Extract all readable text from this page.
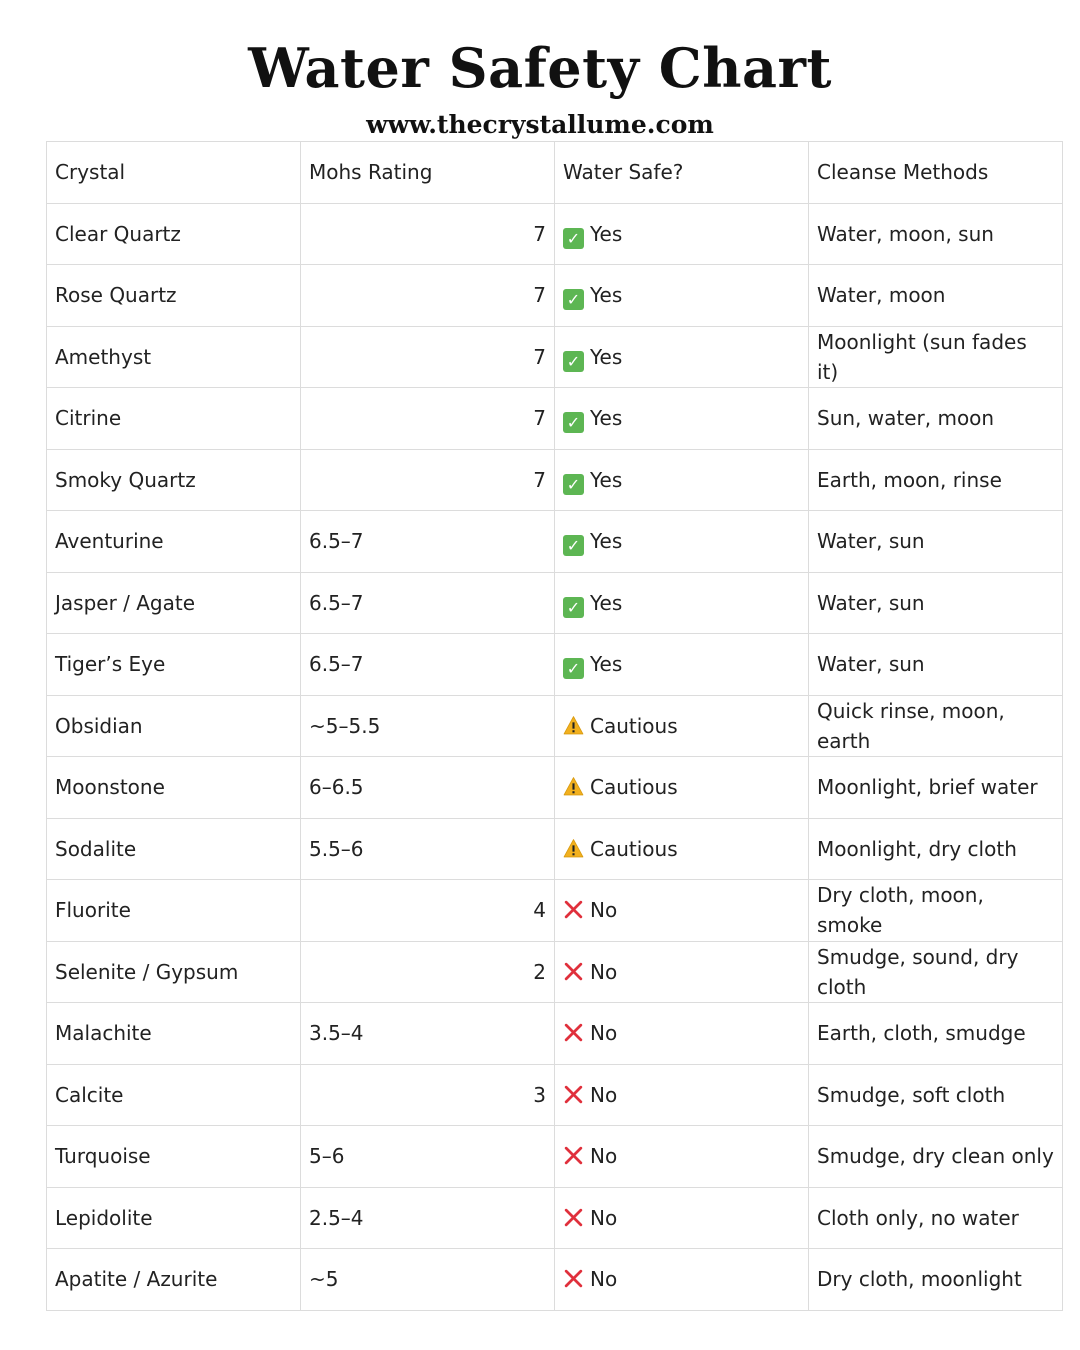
Water Safety Chart
www.thecrystallume.com
Crystal	Mohs Rating	Water Safe?	Cleanse Methods
Clear Quartz	7	✓ Yes	Water, moon, sun
Rose Quartz	7	✓ Yes	Water, moon
Amethyst	7	✓ Yes	Moonlight (sun fades it)
Citrine	7	✓ Yes	Sun, water, moon
Smoky Quartz	7	✓ Yes	Earth, moon, rinse
Aventurine	6.5–7	✓ Yes	Water, sun
Jasper / Agate	6.5–7	✓ Yes	Water, sun
Tiger’s Eye	6.5–7	✓ Yes	Water, sun
Obsidian	~5–5.5	Cautious	Quick rinse, moon, earth
Moonstone	6–6.5	Cautious	Moonlight, brief water
Sodalite	5.5–6	Cautious	Moonlight, dry cloth
Fluorite	4	No	Dry cloth, moon, smoke
Selenite / Gypsum	2	No	Smudge, sound, dry cloth
Malachite	3.5–4	No	Earth, cloth, smudge
Calcite	3	No	Smudge, soft cloth
Turquoise	5–6	No	Smudge, dry clean only
Lepidolite	2.5–4	No	Cloth only, no water
Apatite / Azurite	~5	No	Dry cloth, moonlight
